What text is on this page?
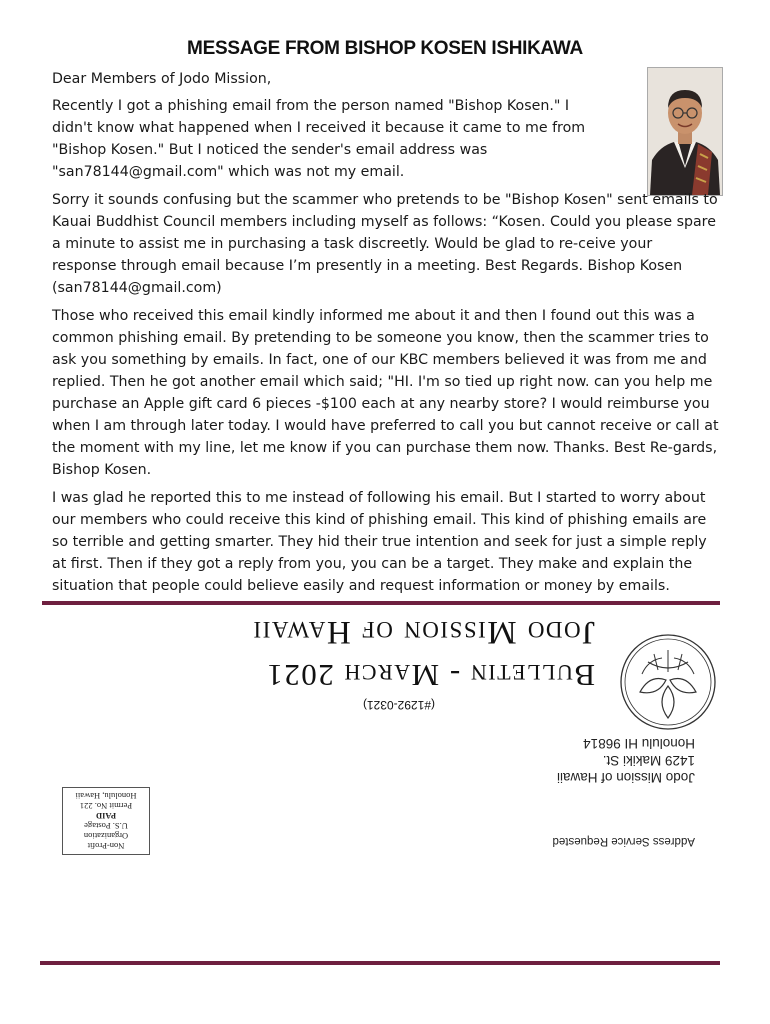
MESSAGE FROM BISHOP KOSEN ISHIKAWA

Dear Members of Jodo Mission,

Recently I got a phishing email from the person named "Bishop Kosen." I didn't know what happened when I received it because it came to me from "Bishop Kosen." But I noticed the sender's email address was "san78144@gmail.com" which was not my email.

Sorry it sounds confusing but the scammer who pretends to be "Bishop Kosen" sent emails to Kauai Buddhist Council members including myself as follows: “Kosen. Could you please spare a minute to assist me in purchasing a task discreetly. Would be glad to re-ceive your response through email because I’m presently in a meeting. Best Regards. Bishop Kosen (san78144@gmail.com)

Those who received this email kindly informed me about it and then I found out this was a common phishing email. By pretending to be someone you know, then the scammer tries to ask you something by emails. In fact, one of our KBC members believed it was from me and replied. Then he got another email which said; "HI. I'm so tied up right now. can you help me purchase an Apple gift card 6 pieces -$100 each at any nearby store? I would reimburse you when I am through later today. I would have preferred to call you but cannot receive or call at the moment with my line, let me know if you can purchase them now. Thanks. Best Re-gards, Bishop Kosen.

I was glad he reported this to me instead of following his email. But I started to worry about our members who could receive this kind of phishing email. This kind of phishing emails are so terrible and getting smarter. They hid their true intention and seek for just a simple reply at first. Then if they got a reply from you, you can be a target. They make and explain the situation that people could believe easily and request information or money by emails.

Non-Profit
Organization
U.S. Postage
PAID
Permit No. 221
Honolulu, Hawaii
Address Service Requested
Jodo Mission of Hawaii
1429 Makiki St.
Honolulu HI 96814
(#1292-0321)
Bulletin - March 2021
Jodo Mission of Hawaii
